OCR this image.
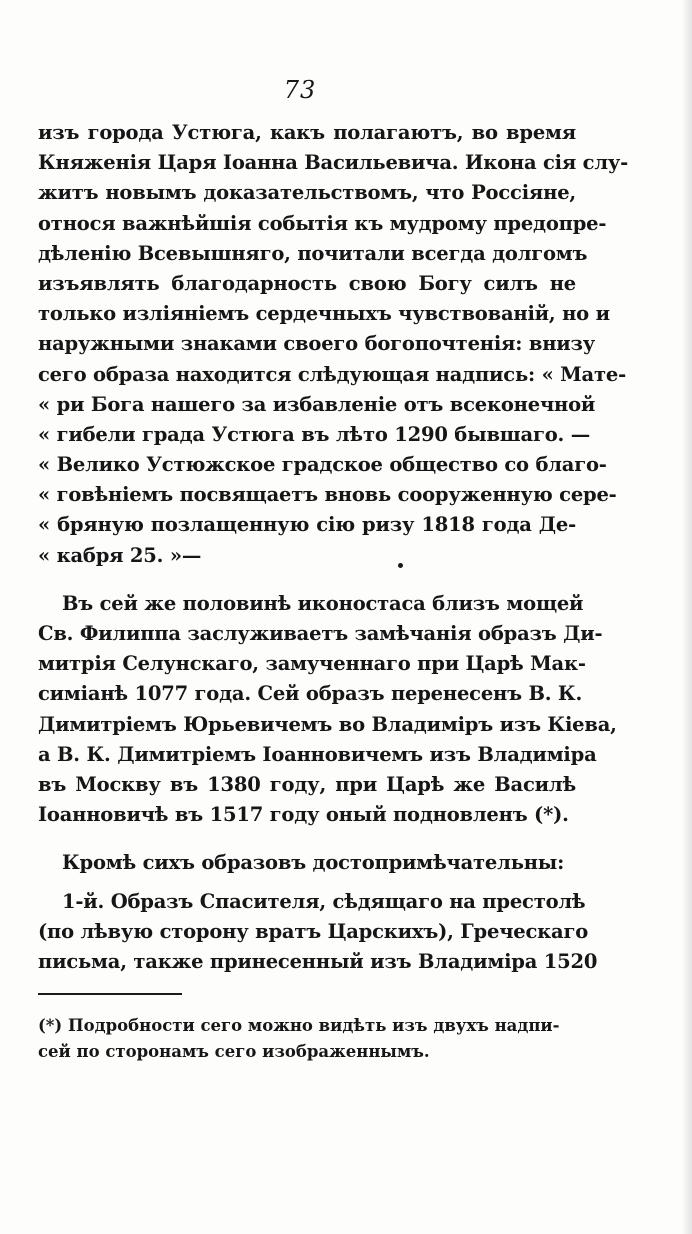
73
изъ города Устюга, какъ полагаютъ, во время
Княженія Царя Іоанна Васильевича. Икона сія слу-
житъ новымъ доказательствомъ, что Россіяне,
относя важнѣйшія событія къ мудрому предопре-
дѣленію Всевышняго, почитали всегда долгомъ
изъявлять благодарность свою Богу силъ не
только изліяніемъ сердечныхъ чувствованій, но и
наружными знаками своего богопочтенія: внизу
сего образа находится слѣдующая надпись: « Мате-
« ри Бога нашего за избавленіе отъ всеконечной
« гибели града Устюга въ лѣто 1290 бывшаго. —
« Велико Устюжское градское общество со благо-
« говѣніемъ посвящаетъ вновь сооруженную сере-
« бряную позлащенную сію ризу 1818 года Де-
« кабря 25. »—
Въ сей же половинѣ иконостаса близъ мощей
Св. Филиппа заслуживаетъ замѣчанія образъ Ди-
митрія Селунскаго, замученнаго при Царѣ Мак-
симіанѣ 1077 года. Сей образъ перенесенъ В. К.
Димитріемъ Юрьевичемъ во Владиміръ изъ Кіева,
а В. К. Димитріемъ Іоанновичемъ изъ Владиміра
въ Москву въ 1380 году, при Царѣ же Василѣ
Іоанновичѣ въ 1517 году оный подновленъ (*).
Кромѣ сихъ образовъ достопримѣчательны:
1-й. Образъ Спасителя, сѣдящаго на престолѣ
(по лѣвую сторону вратъ Царскихъ), Греческаго
письма, также принесенный изъ Владиміра 1520
(*) Подробности сего можно видѣть изъ двухъ надпи-
сей по сторонамъ сего изображеннымъ.
